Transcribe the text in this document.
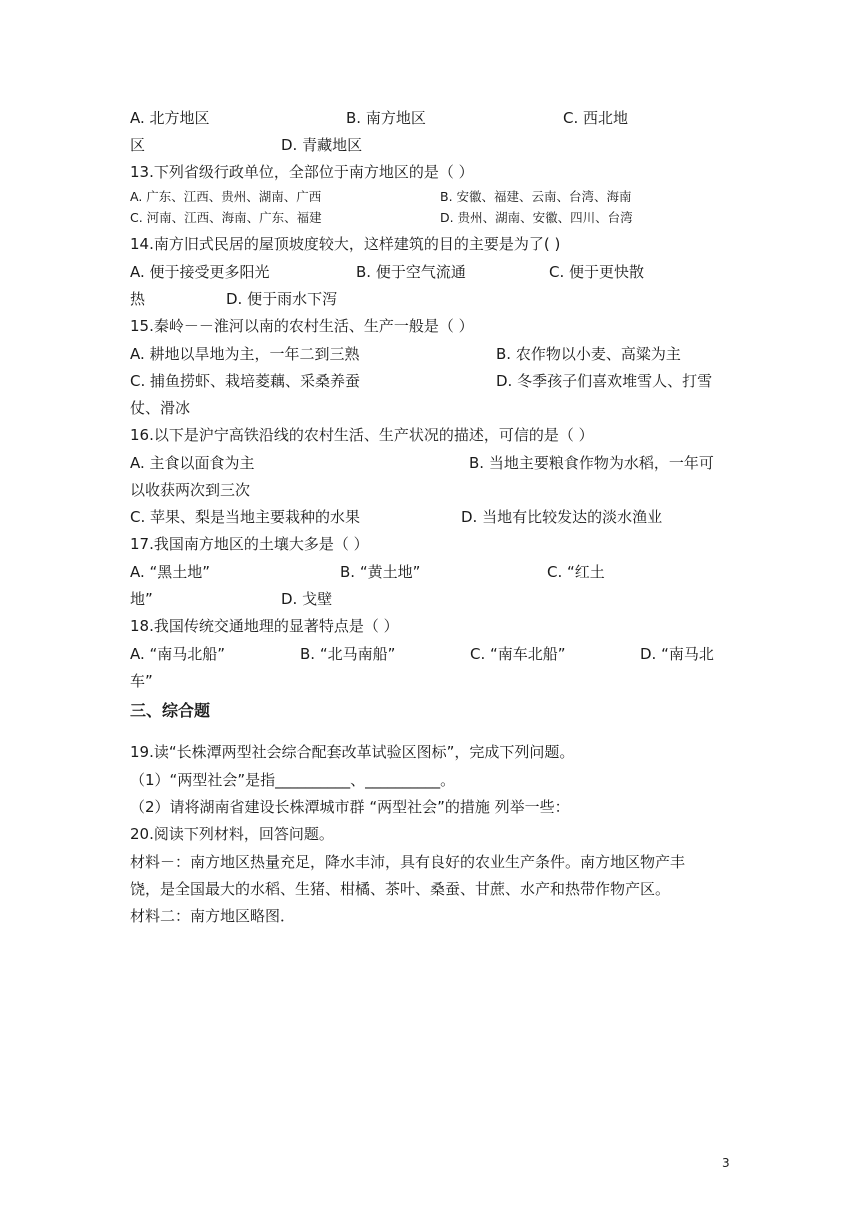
A. 北方地区	B. 南方地区	C. 西北地
区	D. 青藏地区
13.下列省级行政单位，全部位于南方地区的是（ ）
A. 广东、江西、贵州、湖南、广西	B. 安徽、福建、云南、台湾、海南
C. 河南、江西、海南、广东、福建	D. 贵州、湖南、安徽、四川、台湾
14.南方旧式民居的屋顶坡度较大，这样建筑的目的主要是为了( )
A. 便于接受更多阳光	B. 便于空气流通	C. 便于更快散
热	D. 便于雨水下泻
15.秦岭－－淮河以南的农村生活、生产一般是（ ）
A. 耕地以旱地为主，一年二到三熟	B. 农作物以小麦、高粱为主
C. 捕鱼捞虾、栽培菱藕、采桑养蚕	D. 冬季孩子们喜欢堆雪人、打雪
仗、滑冰
16.以下是沪宁高铁沿线的农村生活、生产状况的描述，可信的是（ ）
A. 主食以面食为主	B. 当地主要粮食作物为水稻，一年可
以收获两次到三次
C. 苹果、梨是当地主要栽种的水果	D. 当地有比较发达的淡水渔业
17.我国南方地区的土壤大多是（ ）
A. “黑土地”	B. “黄土地”	C. “红土
地”	D. 戈壁
18.我国传统交通地理的显著特点是（ ）
A. “南马北船”	B. “北马南船”	C. “南车北船”	D. “南马北
车”
三、综合题
19.读“长株潭两型社会综合配套改革试验区图标”，完成下列问题。
（1）“两型社会”是指__________、__________。
（2）请将湖南省建设长株潭城市群 “两型社会”的措施 列举一些：
20.阅读下列材料，回答问题。
材料－：南方地区热量充足，降水丰沛，具有良好的农业生产条件。南方地区物产丰
饶，是全国最大的水稻、生猪、柑橘、茶叶、桑蚕、甘蔗、水产和热带作物产区。
材料二：南方地区略图．
3
